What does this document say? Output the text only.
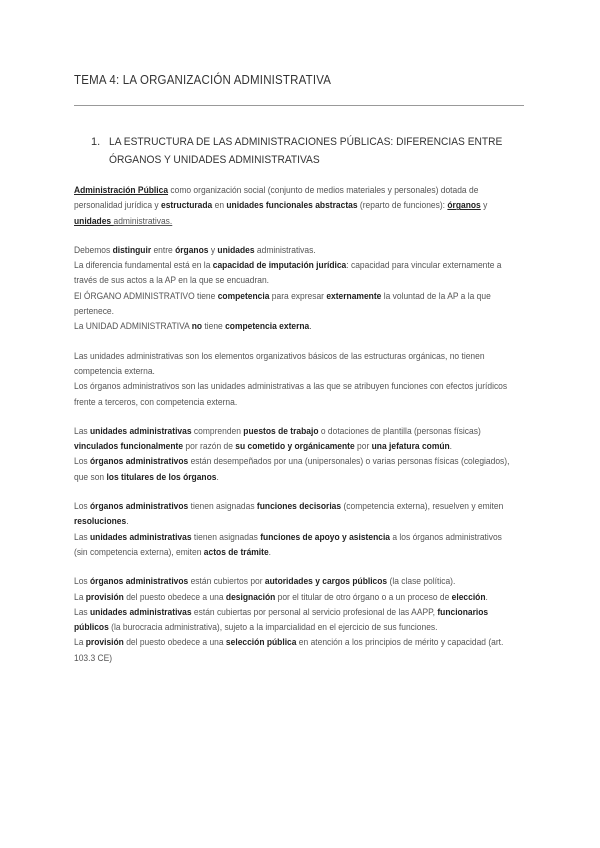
TEMA 4: LA ORGANIZACIÓN ADMINISTRATIVA
1. LA ESTRUCTURA DE LAS ADMINISTRACIONES PÚBLICAS: DIFERENCIAS ENTRE ÓRGANOS Y UNIDADES ADMINISTRATIVAS

Administración Pública como organización social (conjunto de medios materiales y personales) dotada de personalidad jurídica y estructurada en unidades funcionales abstractas (reparto de funciones): órganos y unidades administrativas.

Debemos distinguir entre órganos y unidades administrativas.

La diferencia fundamental está en la capacidad de imputación jurídica: capacidad para vincular externamente a través de sus actos a la AP en la que se encuadran.

El ÓRGANO ADMINISTRATIVO tiene competencia para expresar externamente la voluntad de la AP a la que pertenece.

La UNIDAD ADMINISTRATIVA no tiene competencia externa.

Las unidades administrativas son los elementos organizativos básicos de las estructuras orgánicas, no tienen competencia externa.

Los órganos administrativos son las unidades administrativas a las que se atribuyen funciones con efectos jurídicos frente a terceros, con competencia externa.

Las unidades administrativas comprenden puestos de trabajo o dotaciones de plantilla (personas físicas) vinculados funcionalmente por razón de su cometido y orgánicamente por una jefatura común.

Los órganos administrativos están desempeñados por una (unipersonales) o varias personas físicas (colegiados), que son los titulares de los órganos.

Los órganos administrativos tienen asignadas funciones decisorias (competencia externa), resuelven y emiten resoluciones.

Las unidades administrativas tienen asignadas funciones de apoyo y asistencia a los órganos administrativos (sin competencia externa), emiten actos de trámite.

Los órganos administrativos están cubiertos por autoridades y cargos públicos (la clase política).

La provisión del puesto obedece a una designación por el titular de otro órgano o a un proceso de elección.

Las unidades administrativas están cubiertas por personal al servicio profesional de las AAPP, funcionarios públicos (la burocracia administrativa), sujeto a la imparcialidad en el ejercicio de sus funciones.

La provisión del puesto obedece a una selección pública en atención a los principios de mérito y capacidad (art. 103.3 CE)
